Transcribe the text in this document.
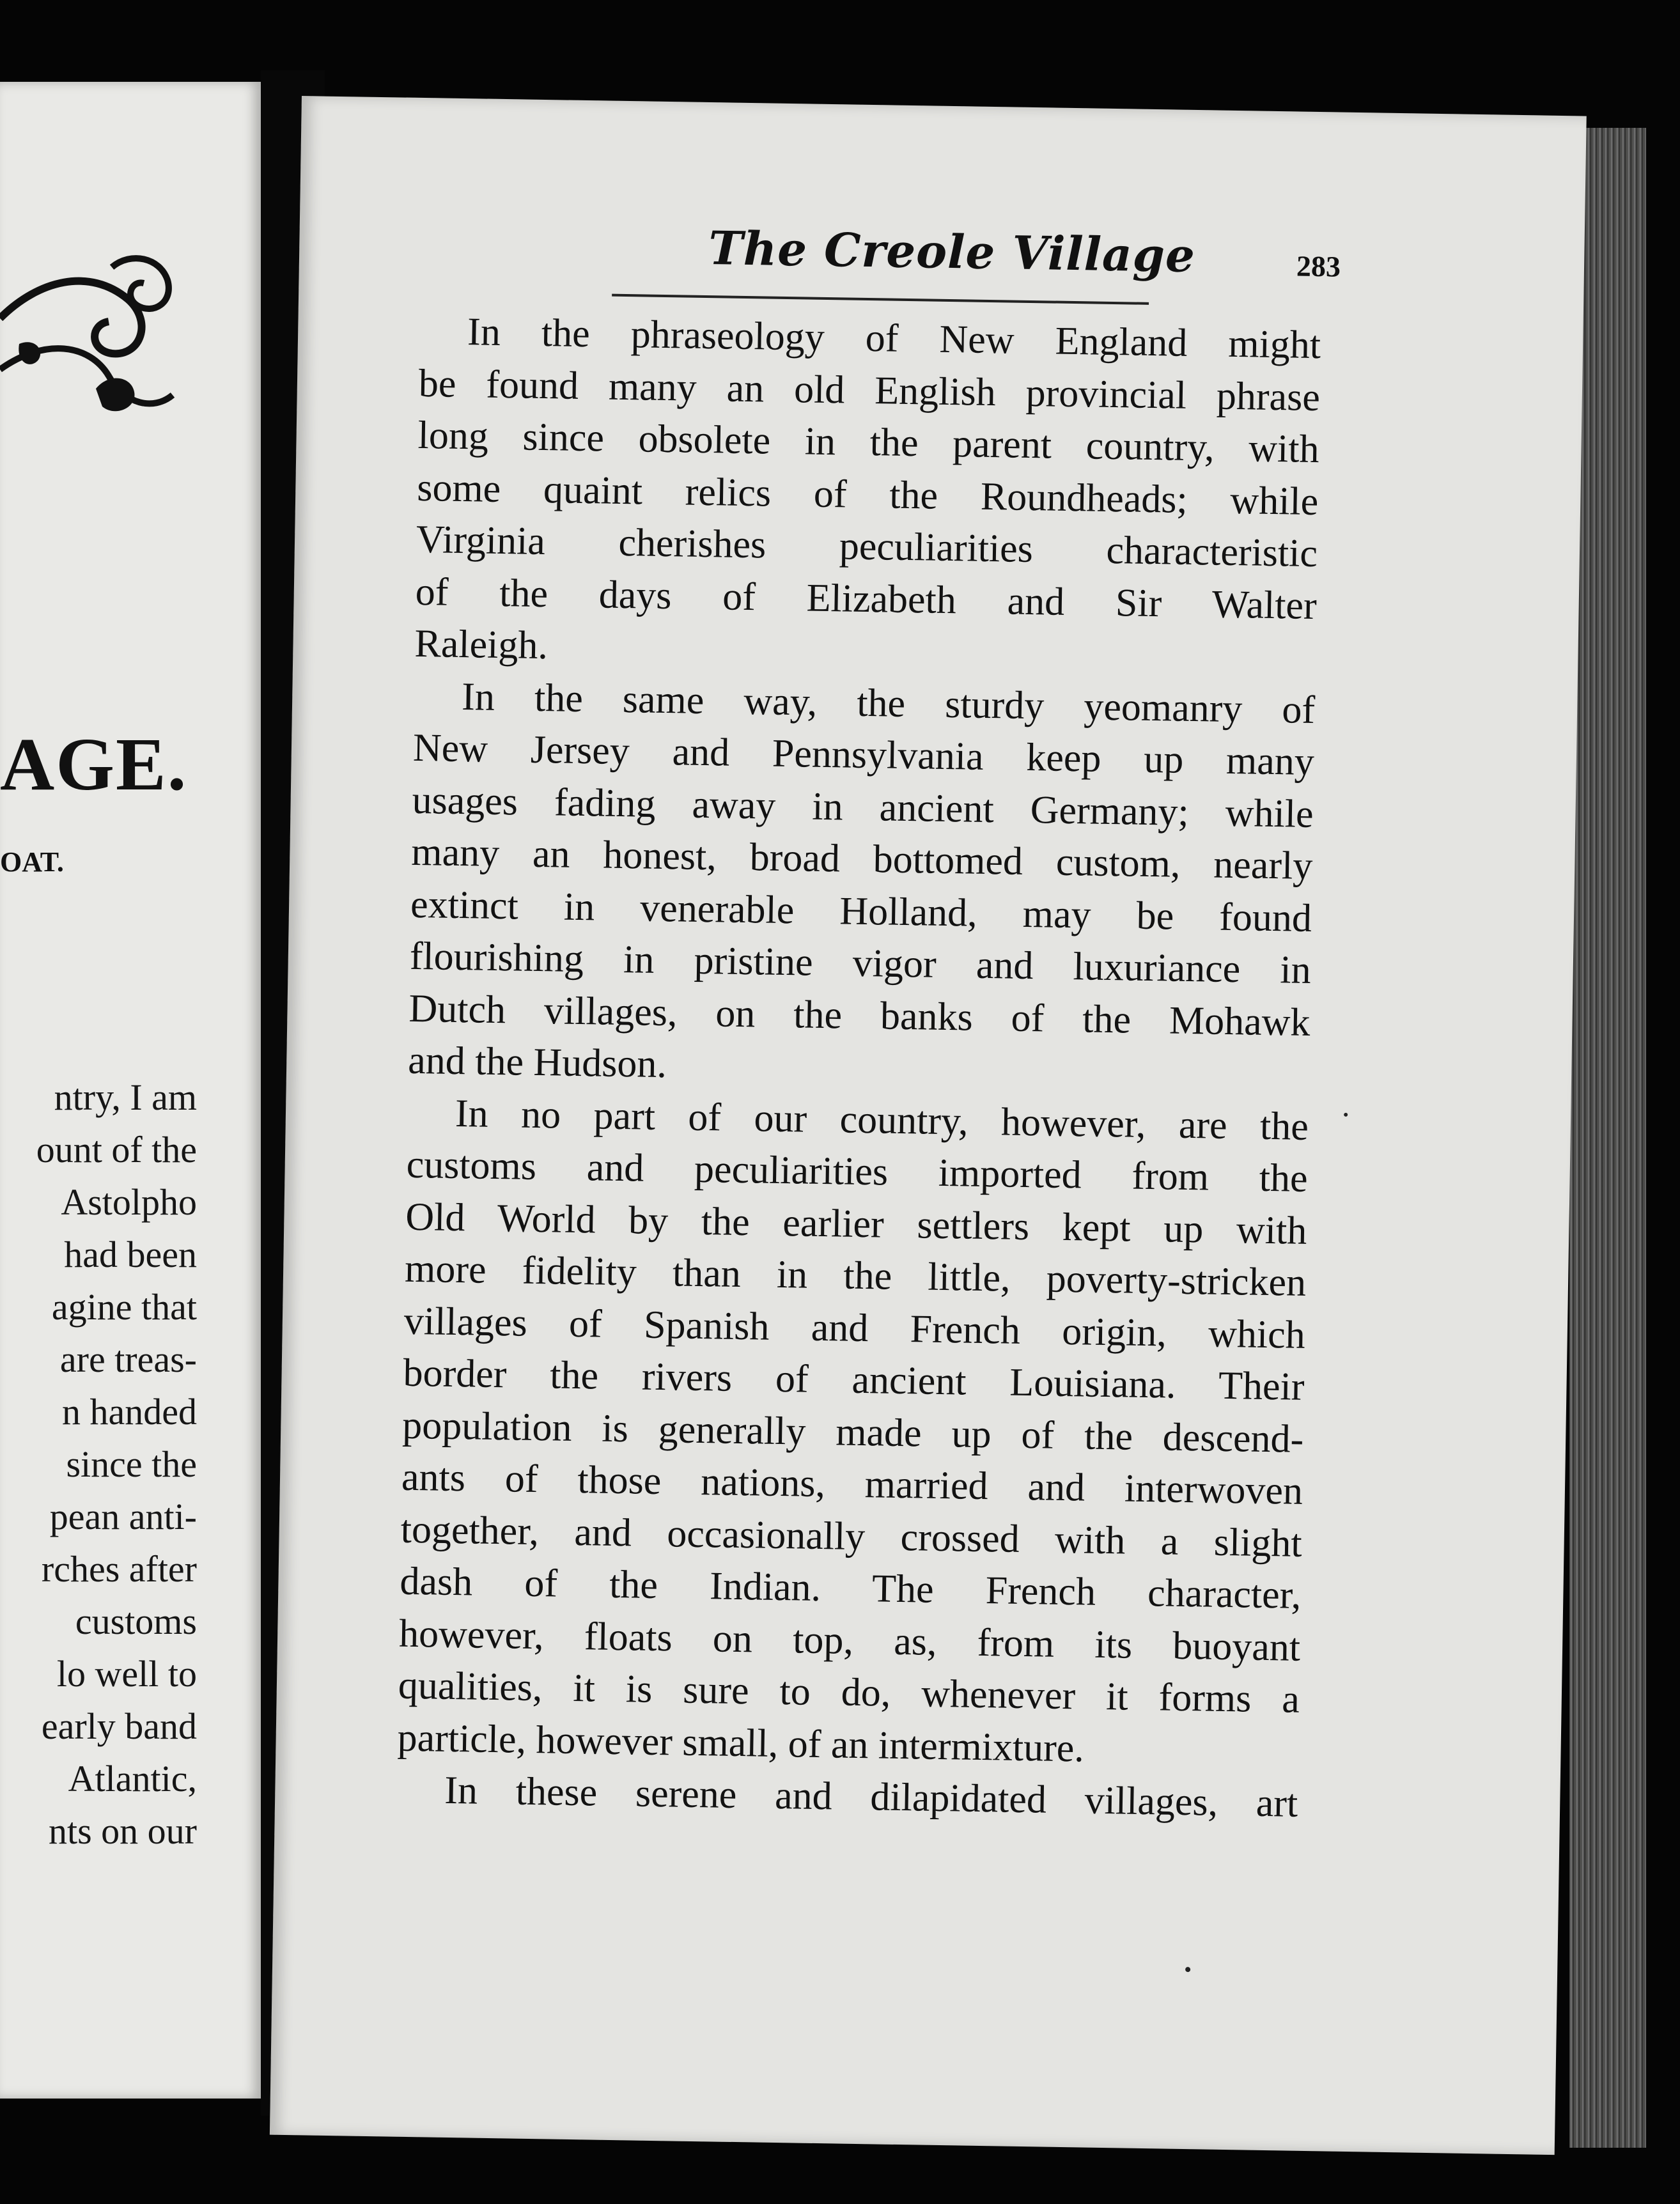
AGE.
OAT.
ntry, I am
ount of the
Astolpho
had been
agine that
are treas-
n handed
since the
pean anti-
rches after
customs
lo well to
early band
Atlantic,
nts on our
The Creole Village	283
In the phraseology of New England might
be found many an old English provincial phrase
long since obsolete in the parent country, with
some quaint relics of the Roundheads; while
Virginia cherishes peculiarities characteristic
of the days of Elizabeth and Sir Walter
Raleigh.
In the same way, the sturdy yeomanry of
New Jersey and Pennsylvania keep up many
usages fading away in ancient Germany; while
many an honest, broad bottomed custom, nearly
extinct in venerable Holland, may be found
flourishing in pristine vigor and luxuriance in
Dutch villages, on the banks of the Mohawk
and the Hudson.
In no part of our country, however, are the
customs and peculiarities imported from the
Old World by the earlier settlers kept up with
more fidelity than in the little, poverty-stricken
villages of Spanish and French origin, which
border the rivers of ancient Louisiana. Their
population is generally made up of the descend-
ants of those nations, married and interwoven
together, and occasionally crossed with a slight
dash of the Indian. The French character,
however, floats on top, as, from its buoyant
qualities, it is sure to do, whenever it forms a
particle, however small, of an intermixture.
In these serene and dilapidated villages, art
